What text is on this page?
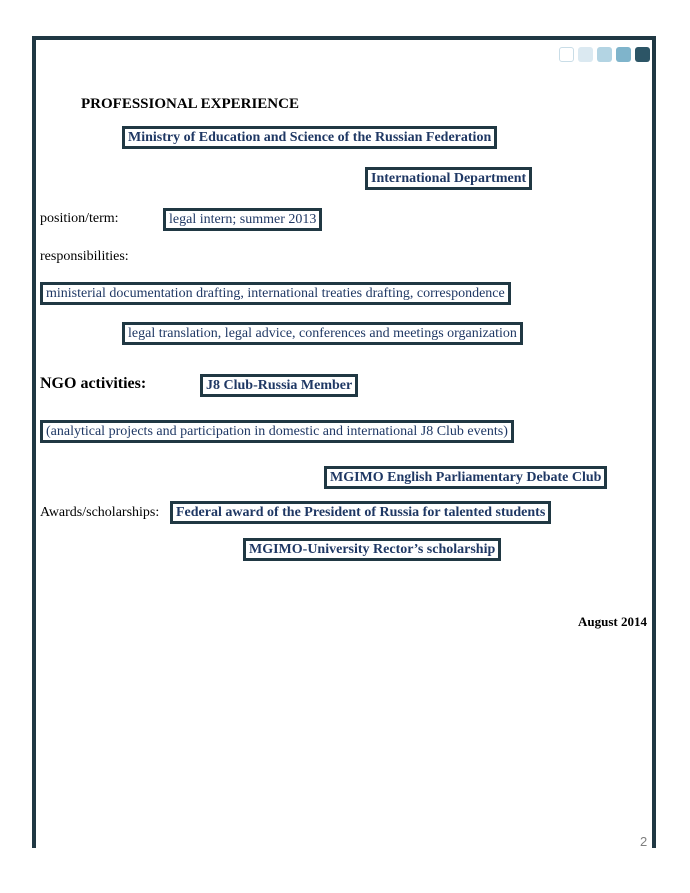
PROFESSIONAL EXPERIENCE
Ministry of Education and Science of the Russian Federation
International Department
position/term:	legal intern; summer 2013
responsibilities:
ministerial documentation drafting, international treaties drafting, correspondence
legal translation, legal advice, conferences and meetings organization
NGO activities:	J8 Club-Russia Member
(analytical projects and participation in domestic and international J8 Club events)
MGIMO English Parliamentary Debate Club
Awards/scholarships:	Federal award of the President of Russia for talented students
MGIMO-University Rector’s scholarship
August 2014
2
